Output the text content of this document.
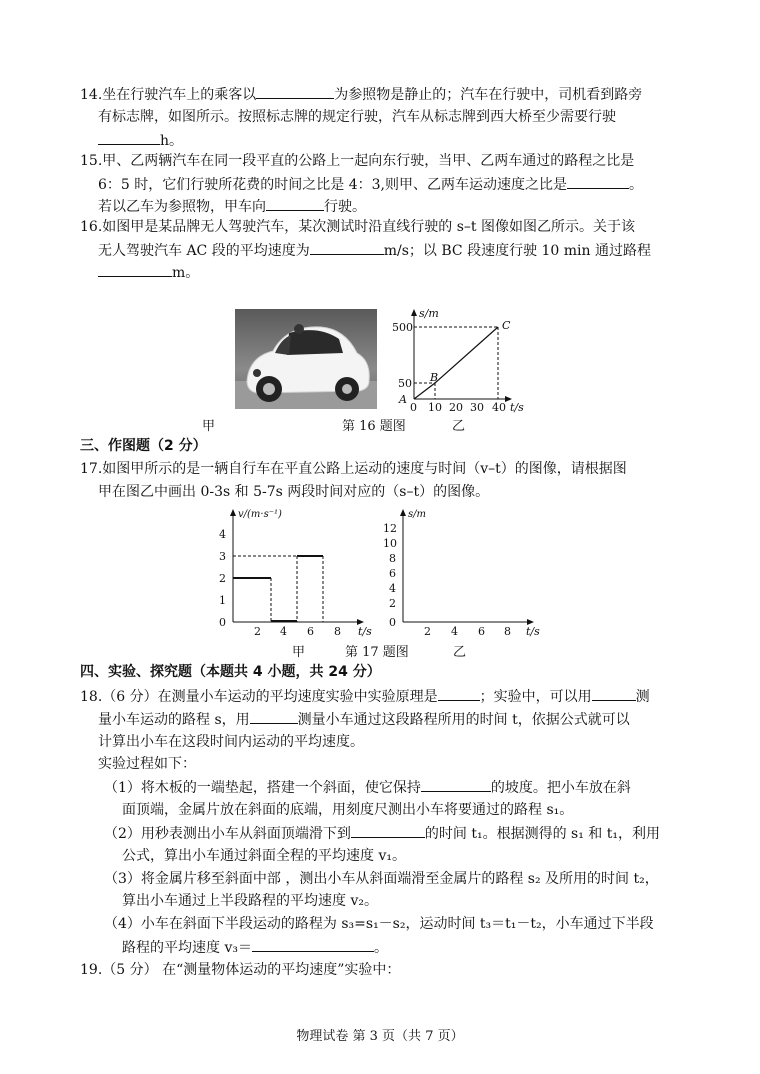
14.坐在行驶汽车上的乘客以	为参照物是静止的；汽车在行驶中，司机看到路旁
有标志牌，如图所示。按照标志牌的规定行驶，汽车从标志牌到西大桥至少需要行驶
h。
15.甲、乙两辆汽车在同一段平直的公路上一起向东行驶，当甲、乙两车通过的路程之比是
6：5 时，它们行驶所花费的时间之比是 4：3,则甲、乙两车运动速度之比是	。
若以乙车为参照物，甲车向	行驶。
16.如图甲是某品牌无人驾驶汽车，某次测试时沿直线行驶的 s–t 图像如图乙所示。关于该
无人驾驶汽车 AC 段的平均速度为	m/s；以 BC 段速度行驶 10 min 通过路程
m。
s/m
500
50
0 10 20 30 40 t/s
A
B
C
甲	第 16 题图	乙
三、作图题（2 分）
17.如图甲所示的是一辆自行车在平直公路上运动的速度与时间（v–t）的图像，请根据图
甲在图乙中画出 0-3s 和 5-7s 两段时间对应的（s–t）的图像。
v/(m·s⁻¹)
4
3
2
1
0
2 4 6 8 t/s
s/m
12
10
8
6
4
2
0
2 4 6 8 t/s
甲	第 17 题图	乙
四、实验、探究题（本题共 4 小题，共 24 分）
18.（6 分）在测量小车运动的平均速度实验中实验原理是	；实验中，可以用	测
量小车运动的路程 s，用	测量小车通过这段路程所用的时间 t，依据公式就可以
计算出小车在这段时间内运动的平均速度。
实验过程如下：
（1）将木板的一端垫起，搭建一个斜面，使它保持	的坡度。把小车放在斜
面顶端，金属片放在斜面的底端，用刻度尺测出小车将要通过的路程 s₁。
（2）用秒表测出小车从斜面顶端滑下到	的时间 t₁。根据测得的 s₁ 和 t₁，利用
公式，算出小车通过斜面全程的平均速度 v₁。
（3）将金属片移至斜面中部 ，测出小车从斜面端滑至金属片的路程 s₂ 及所用的时间 t₂，
算出小车通过上半段路程的平均速度 v₂。
（4）小车在斜面下半段运动的路程为 s₃=s₁－s₂，运动时间 t₃＝t₁－t₂，小车通过下半段
路程的平均速度 v₃＝	。
19.（5 分） 在“测量物体运动的平均速度”实验中：
物理试卷 第 3 页（共 7 页）
